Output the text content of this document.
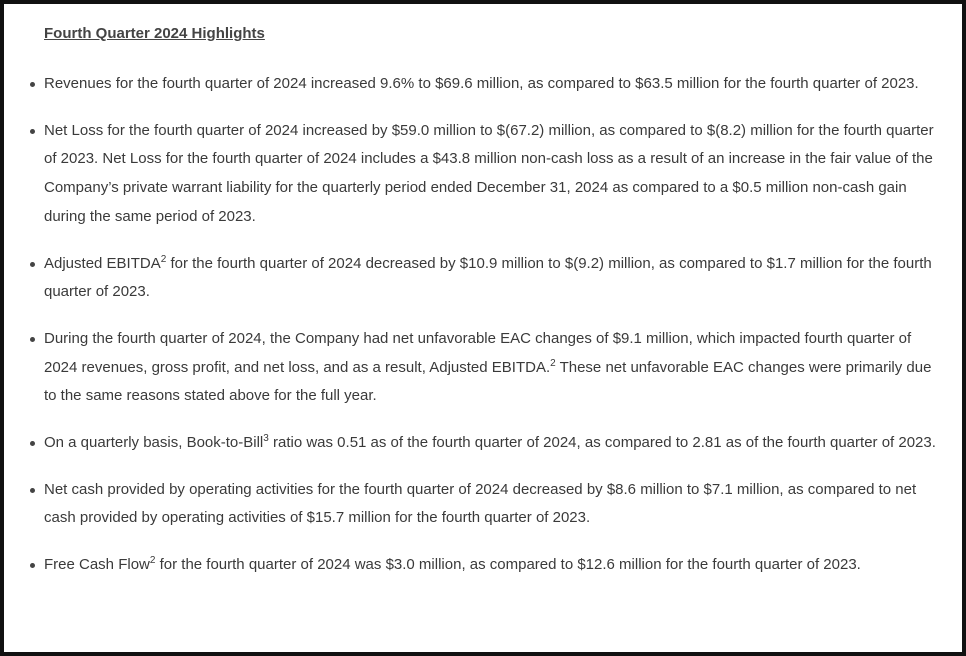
Fourth Quarter 2024 Highlights
Revenues for the fourth quarter of 2024 increased 9.6% to $69.6 million, as compared to $63.5 million for the fourth quarter of 2023.
Net Loss for the fourth quarter of 2024 increased by $59.0 million to $(67.2) million, as compared to $(8.2) million for the fourth quarter of 2023. Net Loss for the fourth quarter of 2024 includes a $43.8 million non-cash loss as a result of an increase in the fair value of the Company’s private warrant liability for the quarterly period ended December 31, 2024 as compared to a $0.5 million non-cash gain during the same period of 2023.
Adjusted EBITDA$^2$ for the fourth quarter of 2024 decreased by $10.9 million to $(9.2) million, as compared to $1.7 million for the fourth quarter of 2023.
During the fourth quarter of 2024, the Company had net unfavorable EAC changes of $9.1 million, which impacted fourth quarter of 2024 revenues, gross profit, and net loss, and as a result, Adjusted EBITDA.$^2$ These net unfavorable EAC changes were primarily due to the same reasons stated above for the full year.
On a quarterly basis, Book-to-Bill$^3$ ratio was 0.51 as of the fourth quarter of 2024, as compared to 2.81 as of the fourth quarter of 2023.
Net cash provided by operating activities for the fourth quarter of 2024 decreased by $8.6 million to $7.1 million, as compared to net cash provided by operating activities of $15.7 million for the fourth quarter of 2023.
Free Cash Flow$^2$ for the fourth quarter of 2024 was $3.0 million, as compared to $12.6 million for the fourth quarter of 2023.
